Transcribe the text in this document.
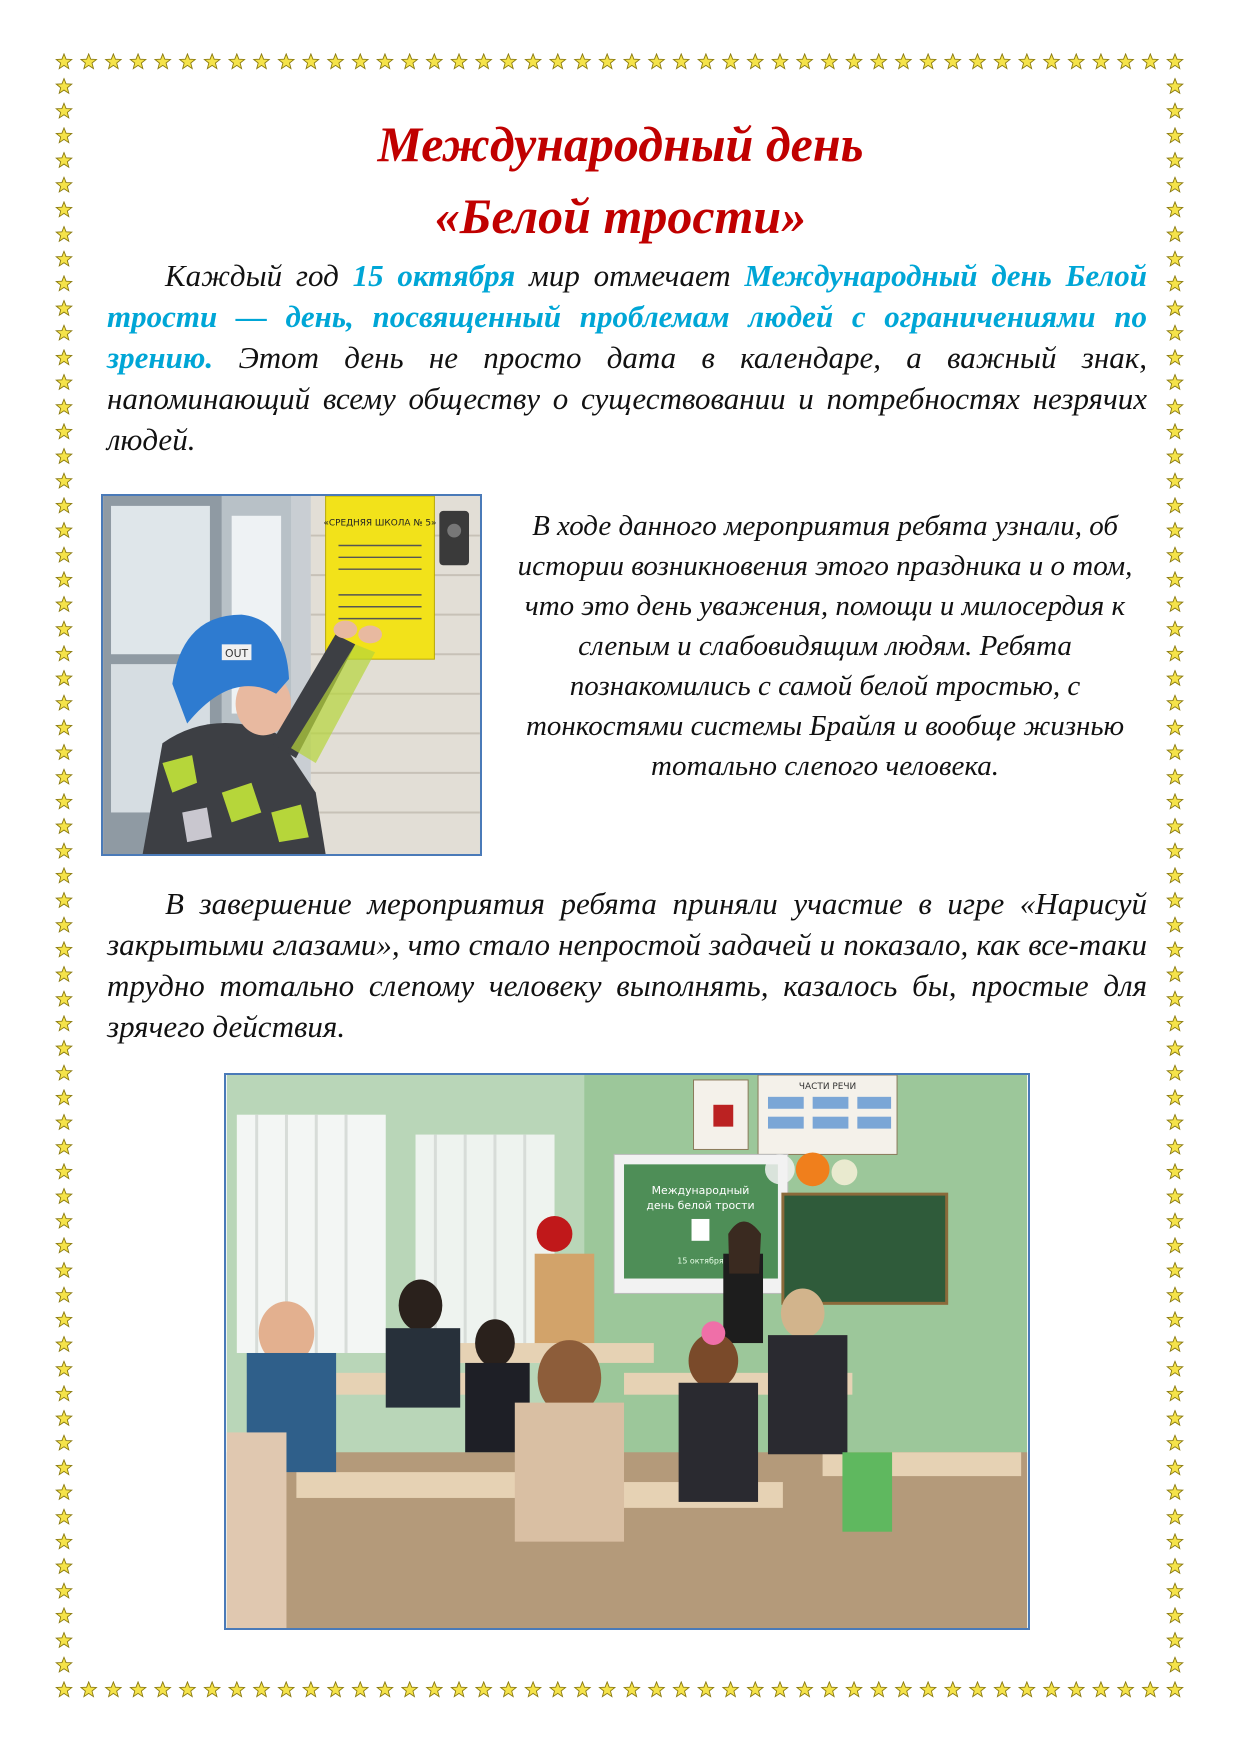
Международный день
«Белой трости»

Каждый год 15 октября мир отмечает Международный день Белой трости — день, посвященный проблемам людей с ограничениями по зрению. Этот день не просто дата в календаре, а важный знак, напоминающий всему обществу о существовании и потребностях незрячих людей.

«СРЕДНЯЯ ШКОЛА № 5»
OUT

В ходе данного мероприятия ребята узнали, об истории возникновения этого праздника и о том, что это день уважения, помощи и милосердия к слепым и слабовидящим людям. Ребята познакомились с самой белой тростью, с тонкостями системы Брайля и вообще жизнью тотально слепого человека.

В завершение мероприятия ребята приняли участие в игре «Нарисуй закрытыми глазами», что стало непростой задачей и показало, как все-таки трудно тотально слепому человеку выполнять, казалось бы, простые для зрячего действия.

ЧАСТИ РЕЧИ
Международный
день белой трости
15 октября
